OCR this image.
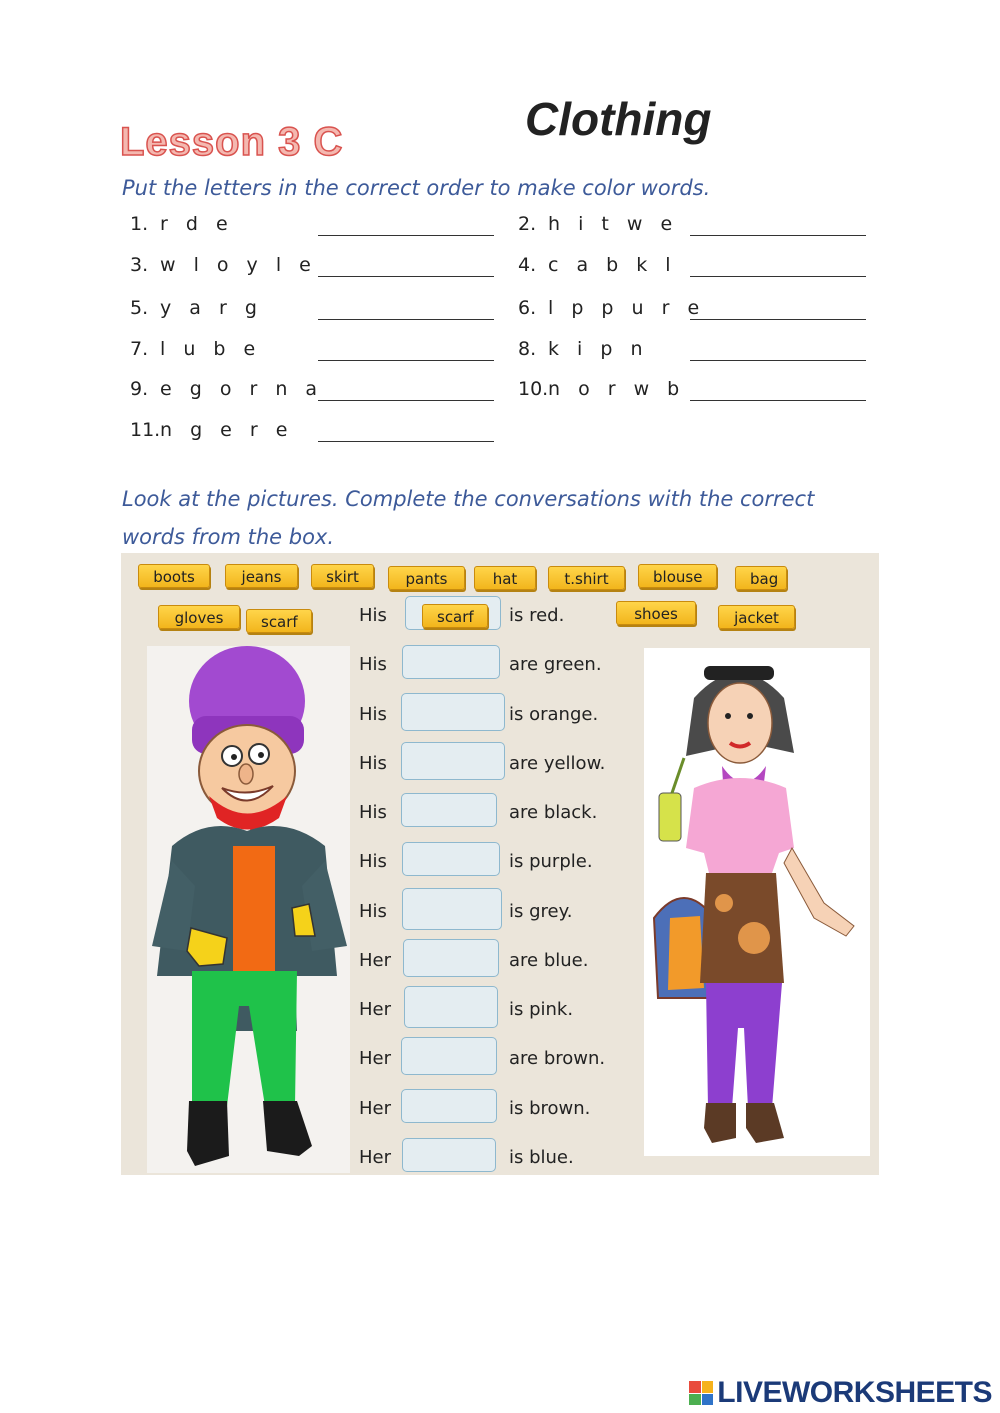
Clothing
Lesson 3 C
Put the letters in the correct order to make color words.
1. r d e	2. h i t w e
3. w l o y l e	4. c a b k l
5. y a r g	6. l p p u r e
7. l u b e	8. k i p n
9. e g o r n a	10. n o r w b
11. n g e r e
Look at the pictures. Complete the conversations with the correct words from the box.
boots	jeans	skirt	pants	hat	t.shirt	blouse	bag
gloves	scarf	shoes	jacket
His	scarf	is red.
His	are green.
His	is orange.
His	are yellow.
His	are black.
His	is purple.
His	is grey.
Her	are blue.
Her	is pink.
Her	are brown.
Her	is brown.
Her	is blue.
LIVEWORKSHEETS
